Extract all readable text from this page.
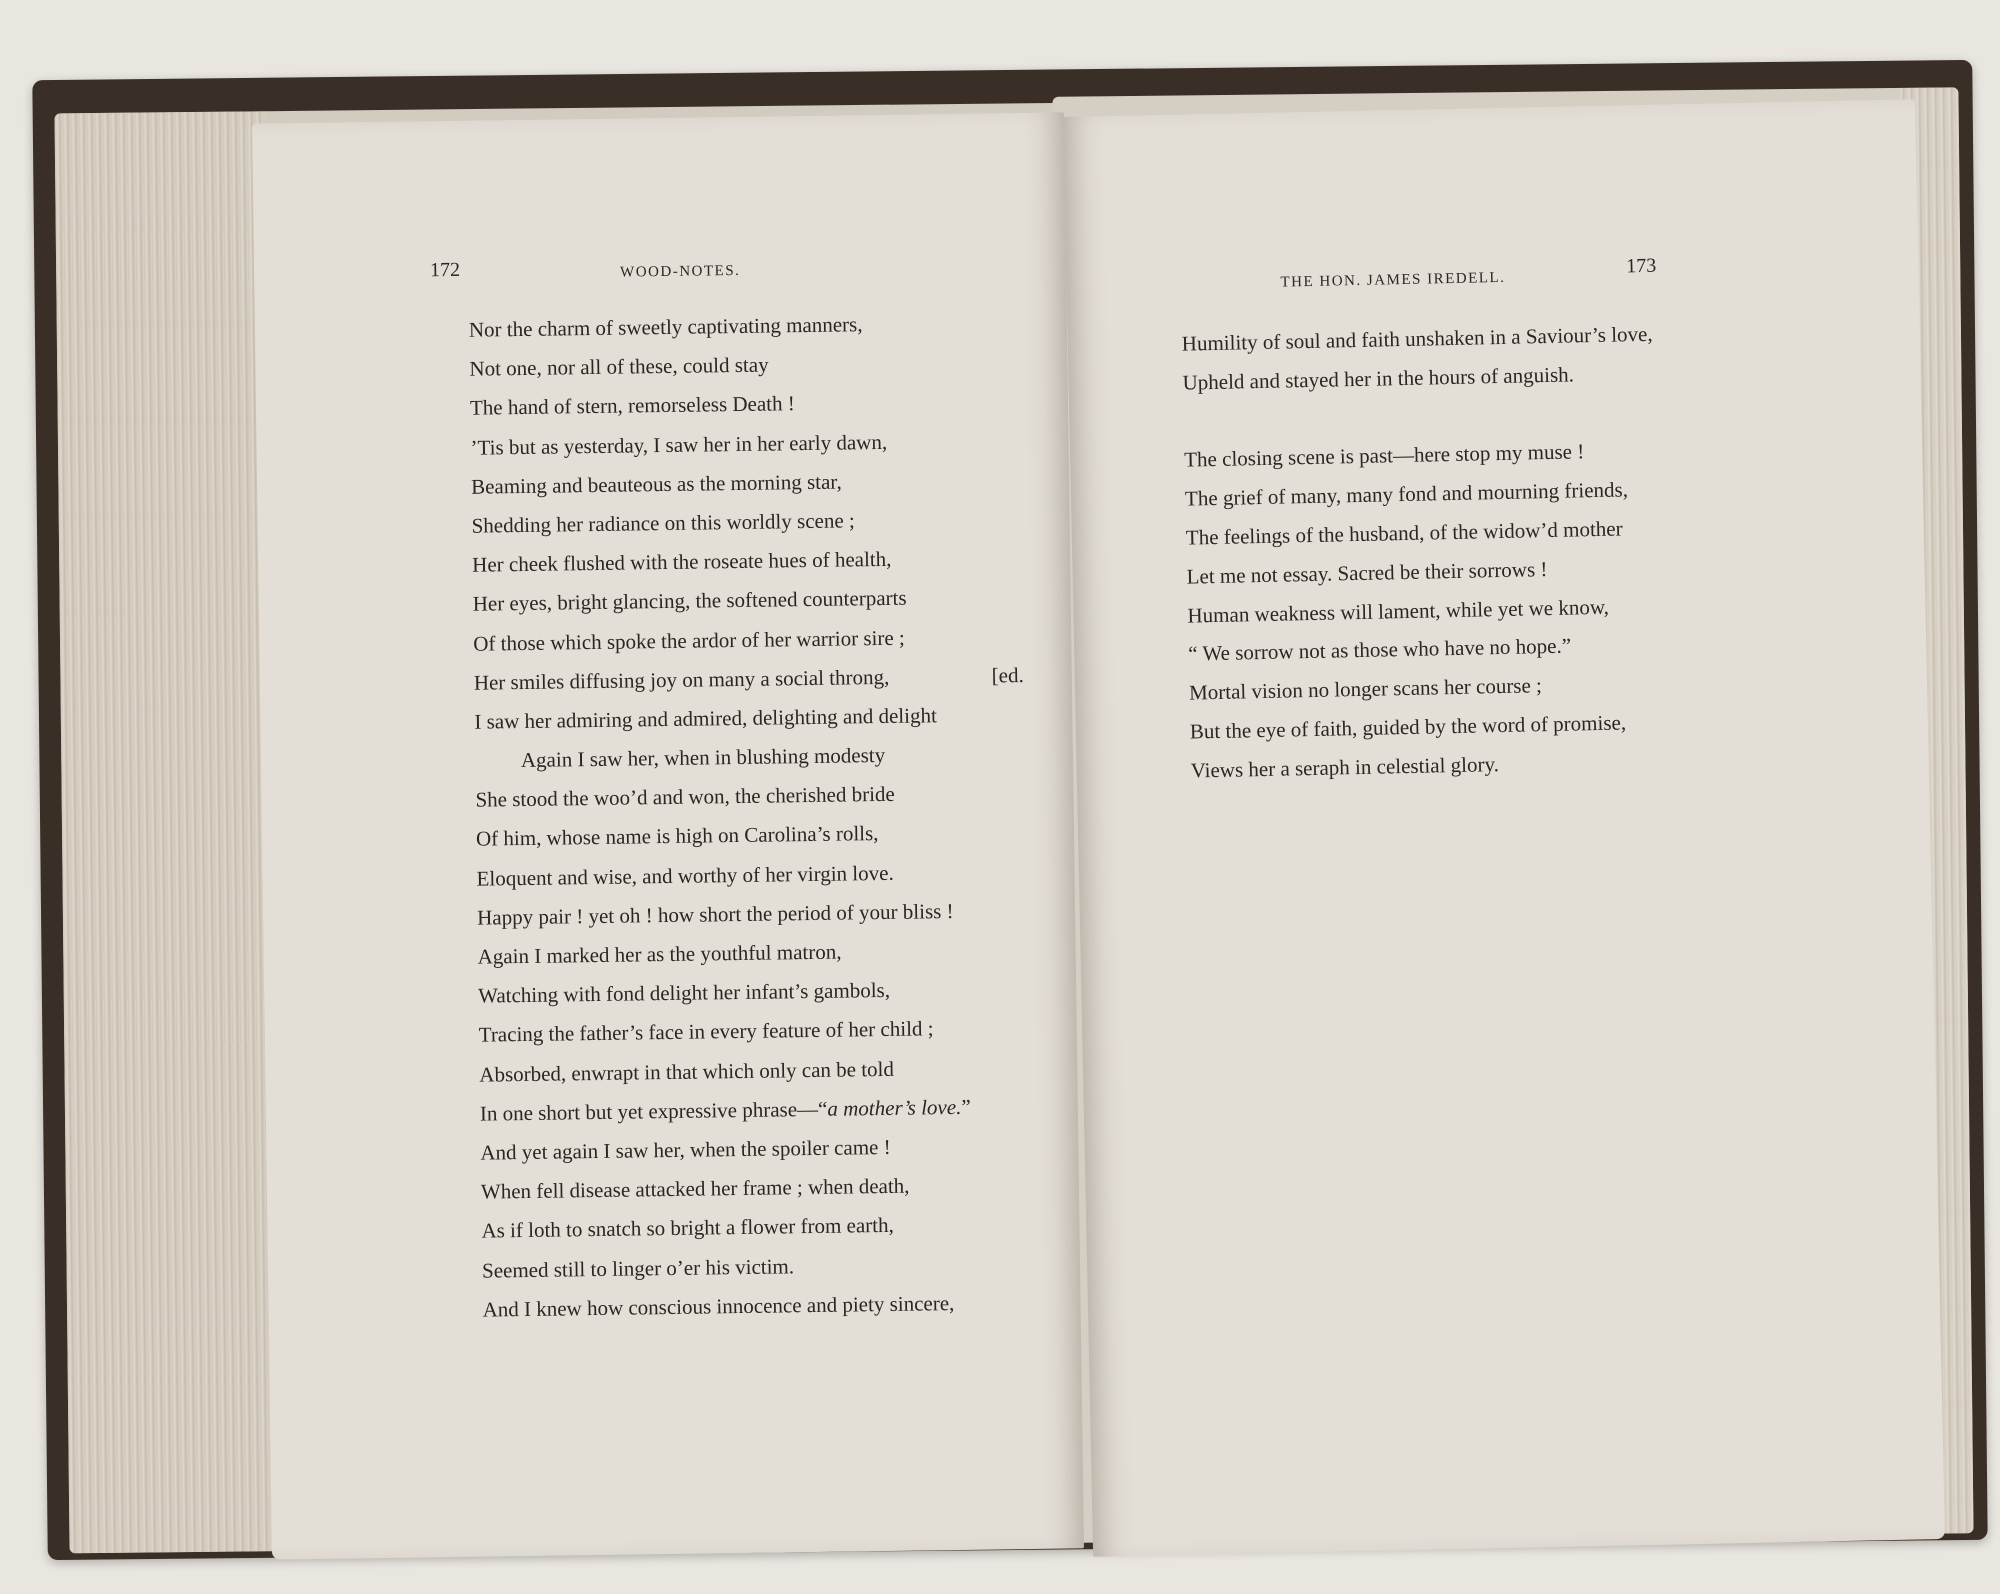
172	WOOD-NOTES.
Nor the charm of sweetly captivating manners,
Not one, nor all of these, could stay
The hand of stern, remorseless Death !
’Tis but as yesterday, I saw her in her early dawn,
Beaming and beauteous as the morning star,
Shedding her radiance on this worldly scene ;
Her cheek flushed with the roseate hues of health,
Her eyes, bright glancing, the softened counterparts
Of those which spoke the ardor of her warrior sire ;
Her smiles diffusing joy on many a social throng,	[ed.
I saw her admiring and admired, delighting and delight
Again I saw her, when in blushing modesty
She stood the woo’d and won, the cherished bride
Of him, whose name is high on Carolina’s rolls,
Eloquent and wise, and worthy of her virgin love.
Happy pair ! yet oh ! how short the period of your bliss !
Again I marked her as the youthful matron,
Watching with fond delight her infant’s gambols,
Tracing the father’s face in every feature of her child ;
Absorbed, enwrapt in that which only can be told
In one short but yet expressive phrase—“a mother’s love.”
And yet again I saw her, when the spoiler came !
When fell disease attacked her frame ; when death,
As if loth to snatch so bright a flower from earth,
Seemed still to linger o’er his victim.
And I knew how conscious innocence and piety sincere,
THE HON. JAMES IREDELL.
173
Humility of soul and faith unshaken in a Saviour’s love,
Upheld and stayed her in the hours of anguish.
The closing scene is past—here stop my muse !
The grief of many, many fond and mourning friends,
The feelings of the husband, of the widow’d mother
Let me not essay. Sacred be their sorrows !
Human weakness will lament, while yet we know,
“ We sorrow not as those who have no hope.”
Mortal vision no longer scans her course ;
But the eye of faith, guided by the word of promise,
Views her a seraph in celestial glory.
